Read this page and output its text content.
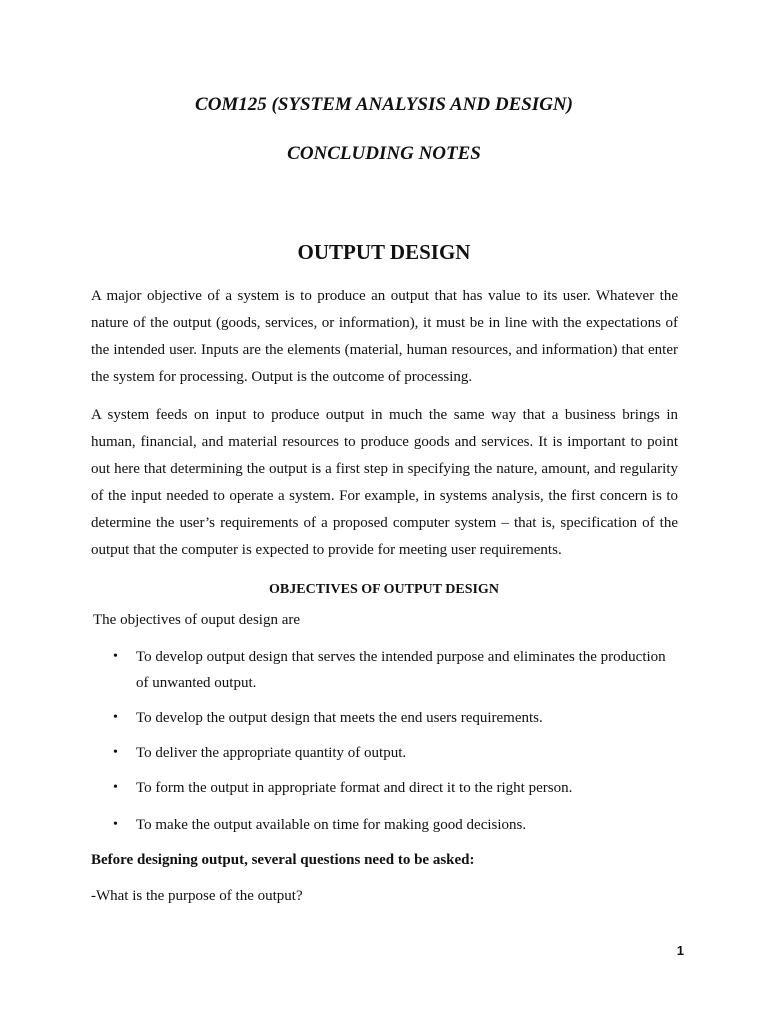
COM125 (SYSTEM ANALYSIS AND DESIGN)
CONCLUDING NOTES
OUTPUT DESIGN

A major objective of a system is to produce an output that has value to its user. Whatever the nature of the output (goods, services, or information), it must be in line with the expectations of the intended user. Inputs are the elements (material, human resources, and information) that enter the system for processing. Output is the outcome of processing.

A system feeds on input to produce output in much the same way that a business brings in human, financial, and material resources to produce goods and services. It is important to point out here that determining the output is a first step in specifying the nature, amount, and regularity of the input needed to operate a system. For example, in systems analysis, the first concern is to determine the user’s requirements of a proposed computer system – that is, specification of the output that the computer is expected to provide for meeting user requirements.

OBJECTIVES OF OUTPUT DESIGN
The objectives of ouput design are
•	To develop output design that serves the intended purpose and eliminates the production of unwanted output.
•	To develop the output design that meets the end users requirements.
•	To deliver the appropriate quantity of output.
•	To form the output in appropriate format and direct it to the right person.
•	To make the output available on time for making good decisions.
Before designing output, several questions need to be asked:
-What is the purpose of the output?
1
